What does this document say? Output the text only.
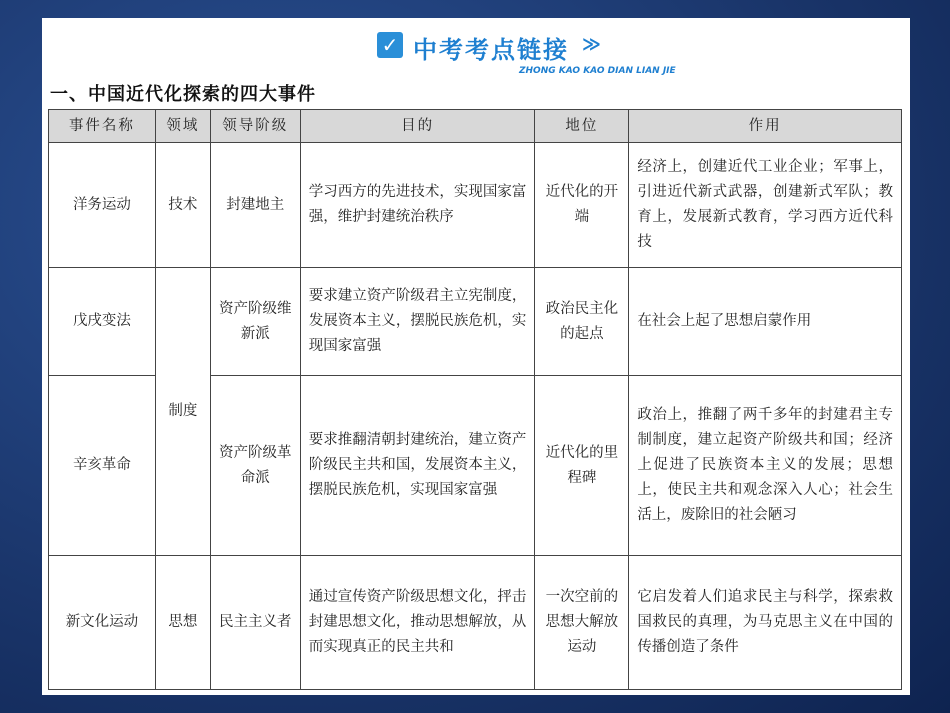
✓ 中考考点链接 ≫
ZHONG KAO KAO DIAN LIAN JIE
一、中国近代化探索的四大事件
事件名称	领域	领导阶级	目的	地位	作用
洋务运动	技术	封建地主	学习西方的先进技术，实现国家富强，维护封建统治秩序	近代化的开端	经济上，创建近代工业企业；军事上，引进近代新式武器，创建新式军队；教育上，发展新式教育，学习西方近代科技
戊戌变法	制度	资产阶级维新派	要求建立资产阶级君主立宪制度，发展资本主义，摆脱民族危机，实现国家富强	政治民主化的起点	在社会上起了思想启蒙作用
辛亥革命		资产阶级革命派	要求推翻清朝封建统治，建立资产阶级民主共和国，发展资本主义，摆脱民族危机，实现国家富强	近代化的里程碑	政治上，推翻了两千多年的封建君主专制制度，建立起资产阶级共和国；经济上促进了民族资本主义的发展；思想上，使民主共和观念深入人心；社会生活上，废除旧的社会陋习
新文化运动	思想	民主主义者	通过宣传资产阶级思想文化，抨击封建思想文化，推动思想解放，从而实现真正的民主共和	一次空前的思想大解放运动	它启发着人们追求民主与科学，探索救国救民的真理，为马克思主义在中国的传播创造了条件
